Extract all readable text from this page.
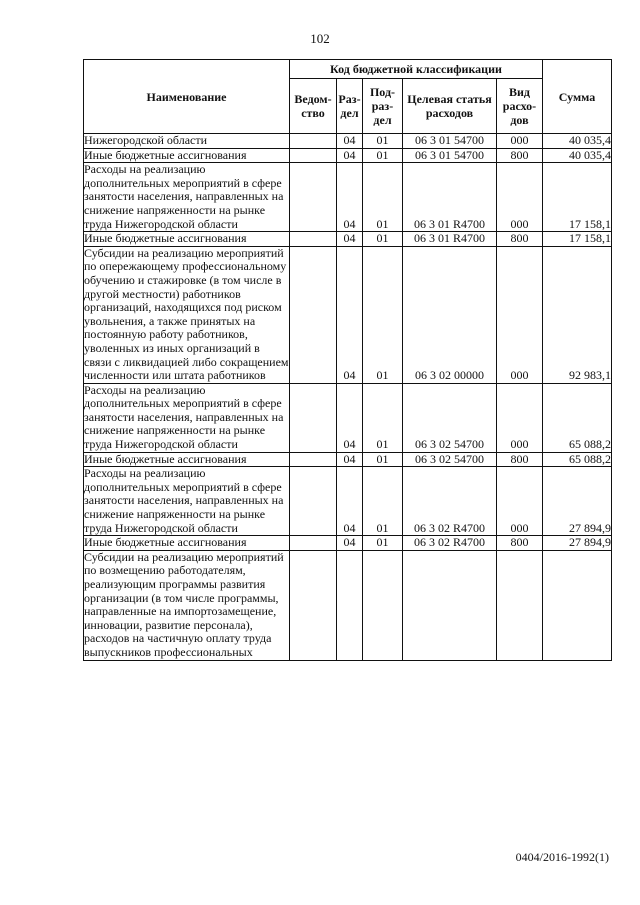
102
Наименование	Код бюджетной классификации					Сумма
	Ведом-ство	Раз-дел	Под-раз-дел	Целевая статья расходов	Вид расхо-дов	
Нижегородской области		04	01	06 3 01 54700	000	40 035,4
Иные бюджетные ассигнования		04	01	06 3 01 54700	800	40 035,4
Расходы на реализацию дополнительных мероприятий в сфере занятости населения, направленных на снижение напряженности на рынке труда Нижегородской области		04	01	06 3 01 R4700	000	17 158,1
Иные бюджетные ассигнования		04	01	06 3 01 R4700	800	17 158,1
Субсидии на реализацию мероприятий по опережающему профессиональному обучению и стажировке (в том числе в другой местности) работников организаций, находящихся под риском увольнения, а также принятых на постоянную работу работников, уволенных из иных организаций в связи с ликвидацией либо сокращением численности или штата работников		04	01	06 3 02 00000	000	92 983,1
Расходы на реализацию дополнительных мероприятий в сфере занятости населения, направленных на снижение напряженности на рынке труда Нижегородской области		04	01	06 3 02 54700	000	65 088,2
Иные бюджетные ассигнования		04	01	06 3 02 54700	800	65 088,2
Расходы на реализацию дополнительных мероприятий в сфере занятости населения, направленных на снижение напряженности на рынке труда Нижегородской области		04	01	06 3 02 R4700	000	27 894,9
Иные бюджетные ассигнования		04	01	06 3 02 R4700	800	27 894,9
Субсидии на реализацию мероприятий по возмещению работодателям, реализующим программы развития организации (в том числе программы, направленные на импортозамещение, инновации, развитие персонала), расходов на частичную оплату труда выпускников профессиональных						
0404/2016-1992(1)
